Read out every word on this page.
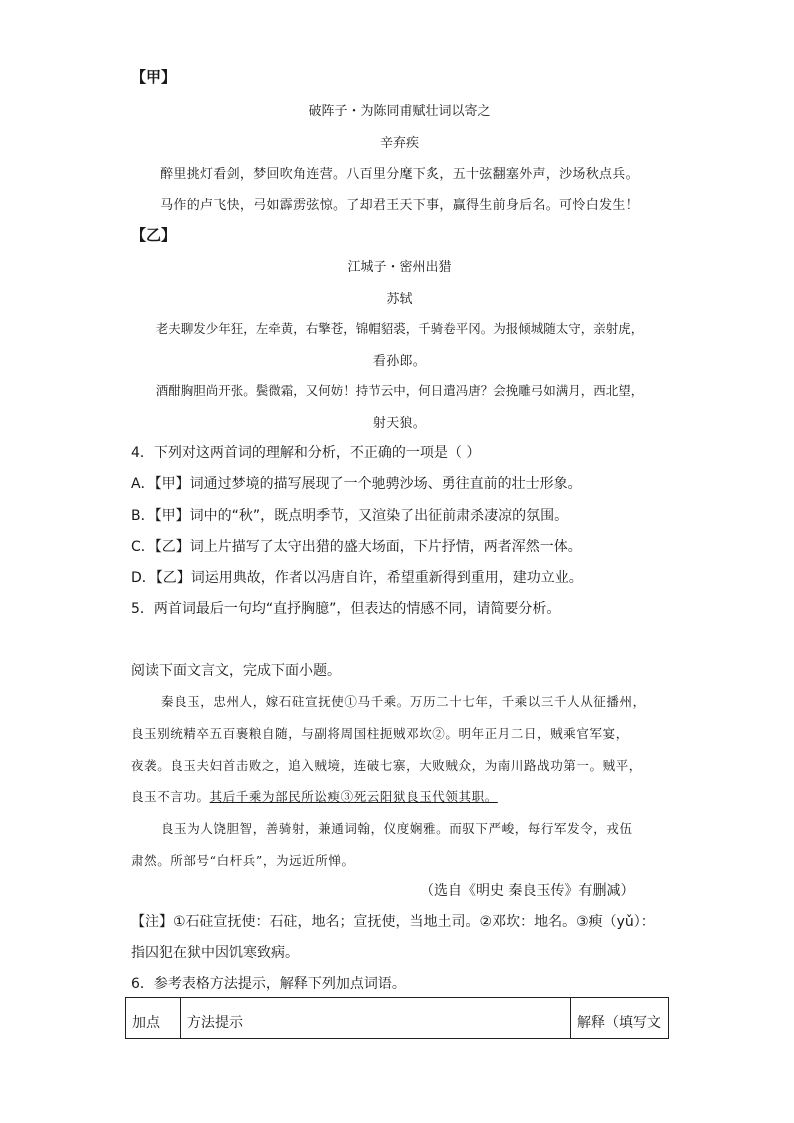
【甲】
破阵子・为陈同甫赋壮词以寄之
辛弃疾
醉里挑灯看剑，梦回吹角连营。八百里分麾下炙，五十弦翻塞外声，沙场秋点兵。
马作的卢飞快，弓如霹雳弦惊。了却君王天下事，赢得生前身后名。可怜白发生！
【乙】
江城子・密州出猎
苏轼
老夫聊发少年狂，左牵黄，右擎苍，锦帽貂裘，千骑卷平冈。为报倾城随太守，亲射虎，
看孙郎。
酒酣胸胆尚开张。鬓微霜，又何妨！持节云中，何日遣冯唐？会挽雕弓如满月，西北望，
射天狼。
4．下列对这两首词的理解和分析，不正确的一项是（ ）
A．【甲】词通过梦境的描写展现了一个驰骋沙场、勇往直前的壮士形象。
B．【甲】词中的“秋”，既点明季节，又渲染了出征前肃杀凄凉的氛围。
C．【乙】词上片描写了太守出猎的盛大场面，下片抒情，两者浑然一体。
D．【乙】词运用典故，作者以冯唐自许，希望重新得到重用，建功立业。
5．两首词最后一句均“直抒胸臆”，但表达的情感不同，请简要分析。
阅读下面文言文，完成下面小题。
秦良玉，忠州人，嫁石砫宣抚使①马千乘。万历二十七年，千乘以三千人从征播州，
良玉别统精卒五百裹粮自随，与副将周国柱扼贼邓坎②。明年正月二日，贼乘官军宴，
夜袭。良玉夫妇首击败之，追入贼境，连破七寨，大败贼众，为南川路战功第一。贼平，
良玉不言功。其后千乘为部民所讼瘐③死云阳狱良玉代领其职。
良玉为人饶胆智，善骑射，兼通词翰，仪度娴雅。而驭下严峻，每行军发令，戎伍
肃然。所部号“白杆兵”，为远近所惮。
（选自《明史 秦良玉传》有删减）
【注】①石砫宣抚使：石砫，地名；宣抚使，当地土司。②邓坎：地名。③瘐（yǔ）：
指囚犯在狱中因饥寒致病。
6．参考表格方法提示，解释下列加点词语。
加点	方法提示	解释（填写文
